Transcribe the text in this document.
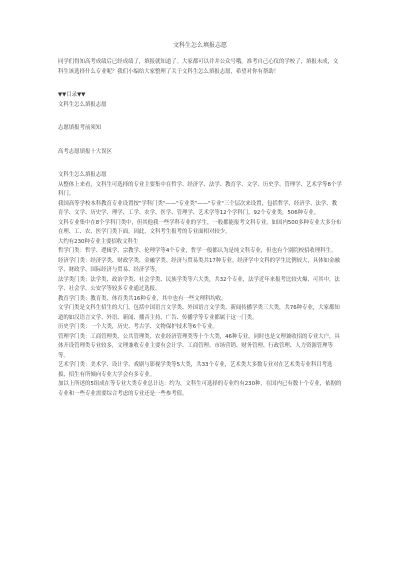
文科生怎么填报志愿

同学们得知高考成绩后已经成绩了，填报就知道了。大家都可以并并公众号哦。准考自己心仪的学校了，填报未成，文科生该选择什么专业呢？我们小编给大家整理了关于文科生怎么填报志愿，希望对你有帮助！

▼▼目录▼▼

文科生怎么填报志愿

志愿填报考前须知

高考志愿填报十大误区

文科生怎么填报志愿

从整体上来看，文科生可选择的专业主要集中在哲学、经济学、法学、教育学、文学、历史学、管理学、艺术学等8个学科门。

我国高等学校本科教育专业设置按"学科门类"——"专业类"——"专业"三个层次来设置，包括哲学、经济学、法学、教育学、文学、历史学、理学、工学、农学、医学、管理学、艺术学等12个学科门，92个专业类，506种专业。

文科专业集中在8个学科门类中，但其他我一些学科专业的学生，一般都能报考文科专业，如国内500多种专业大多分布在理、工、农、医学门类下面，因此，文科考生报考的专业面相对较少。

大约有230种专业主要招收文科生

哲学门类：哲学、逻辑学、宗教学、伦理学等4个专业，哲学一般都认为是纯文科专业，但也有个别院校招收理科生。

经济学门类：经济学类、财政学类、金融学类、经济与贸易类共17种专业。经济学中文科的学生比例较大，具体如金融学、财政学、国际经济与贸易、经济学等。

法学类门类：法学类、政治学类、社会学类、民族学类等六大类，共32个专业，法学近年来报考比较火爆，可其中，法学、社会学、公安学等较多专业通过选报。

教育学门类：教育类、体育类共16种专业，其中也有一些文理科均收。

文学门类是文科生招生的大门，包括中国语言文学类、外国语言文学类、新闻传播学类三大类，共76种专业，大家都知道的如汉语言文学、外语、新闻、播音主持、广告、传播学等专业都属于这一门类。

历史学门类：一个大类，历史、考古学、文物保护技术等6个专业。

管理学门类：工商管理类、公共管理类、农业经济管理类等十个大类，46种专业，同时也是文理兼收招的专业大户，具体开设管理类专业较多，文理兼收专业主要有会计学、工商管理、市场营销、财务管理、行政管理、人力资源管理等等。

艺术学门类：美术学、设计学、戏剧与影视学类等5大类，共33个专业，艺术类大多数专业对在艺术类专业科目考选拔、招生有所倾向专业大学会有多专业。

加以上所述的5组成在等专业大类专业总计达：约为，文科生可选择的专业约有230种，在国内已有数十个专业，依据的专业和一些专业需要综合考虑的专业还是一些参考值。
